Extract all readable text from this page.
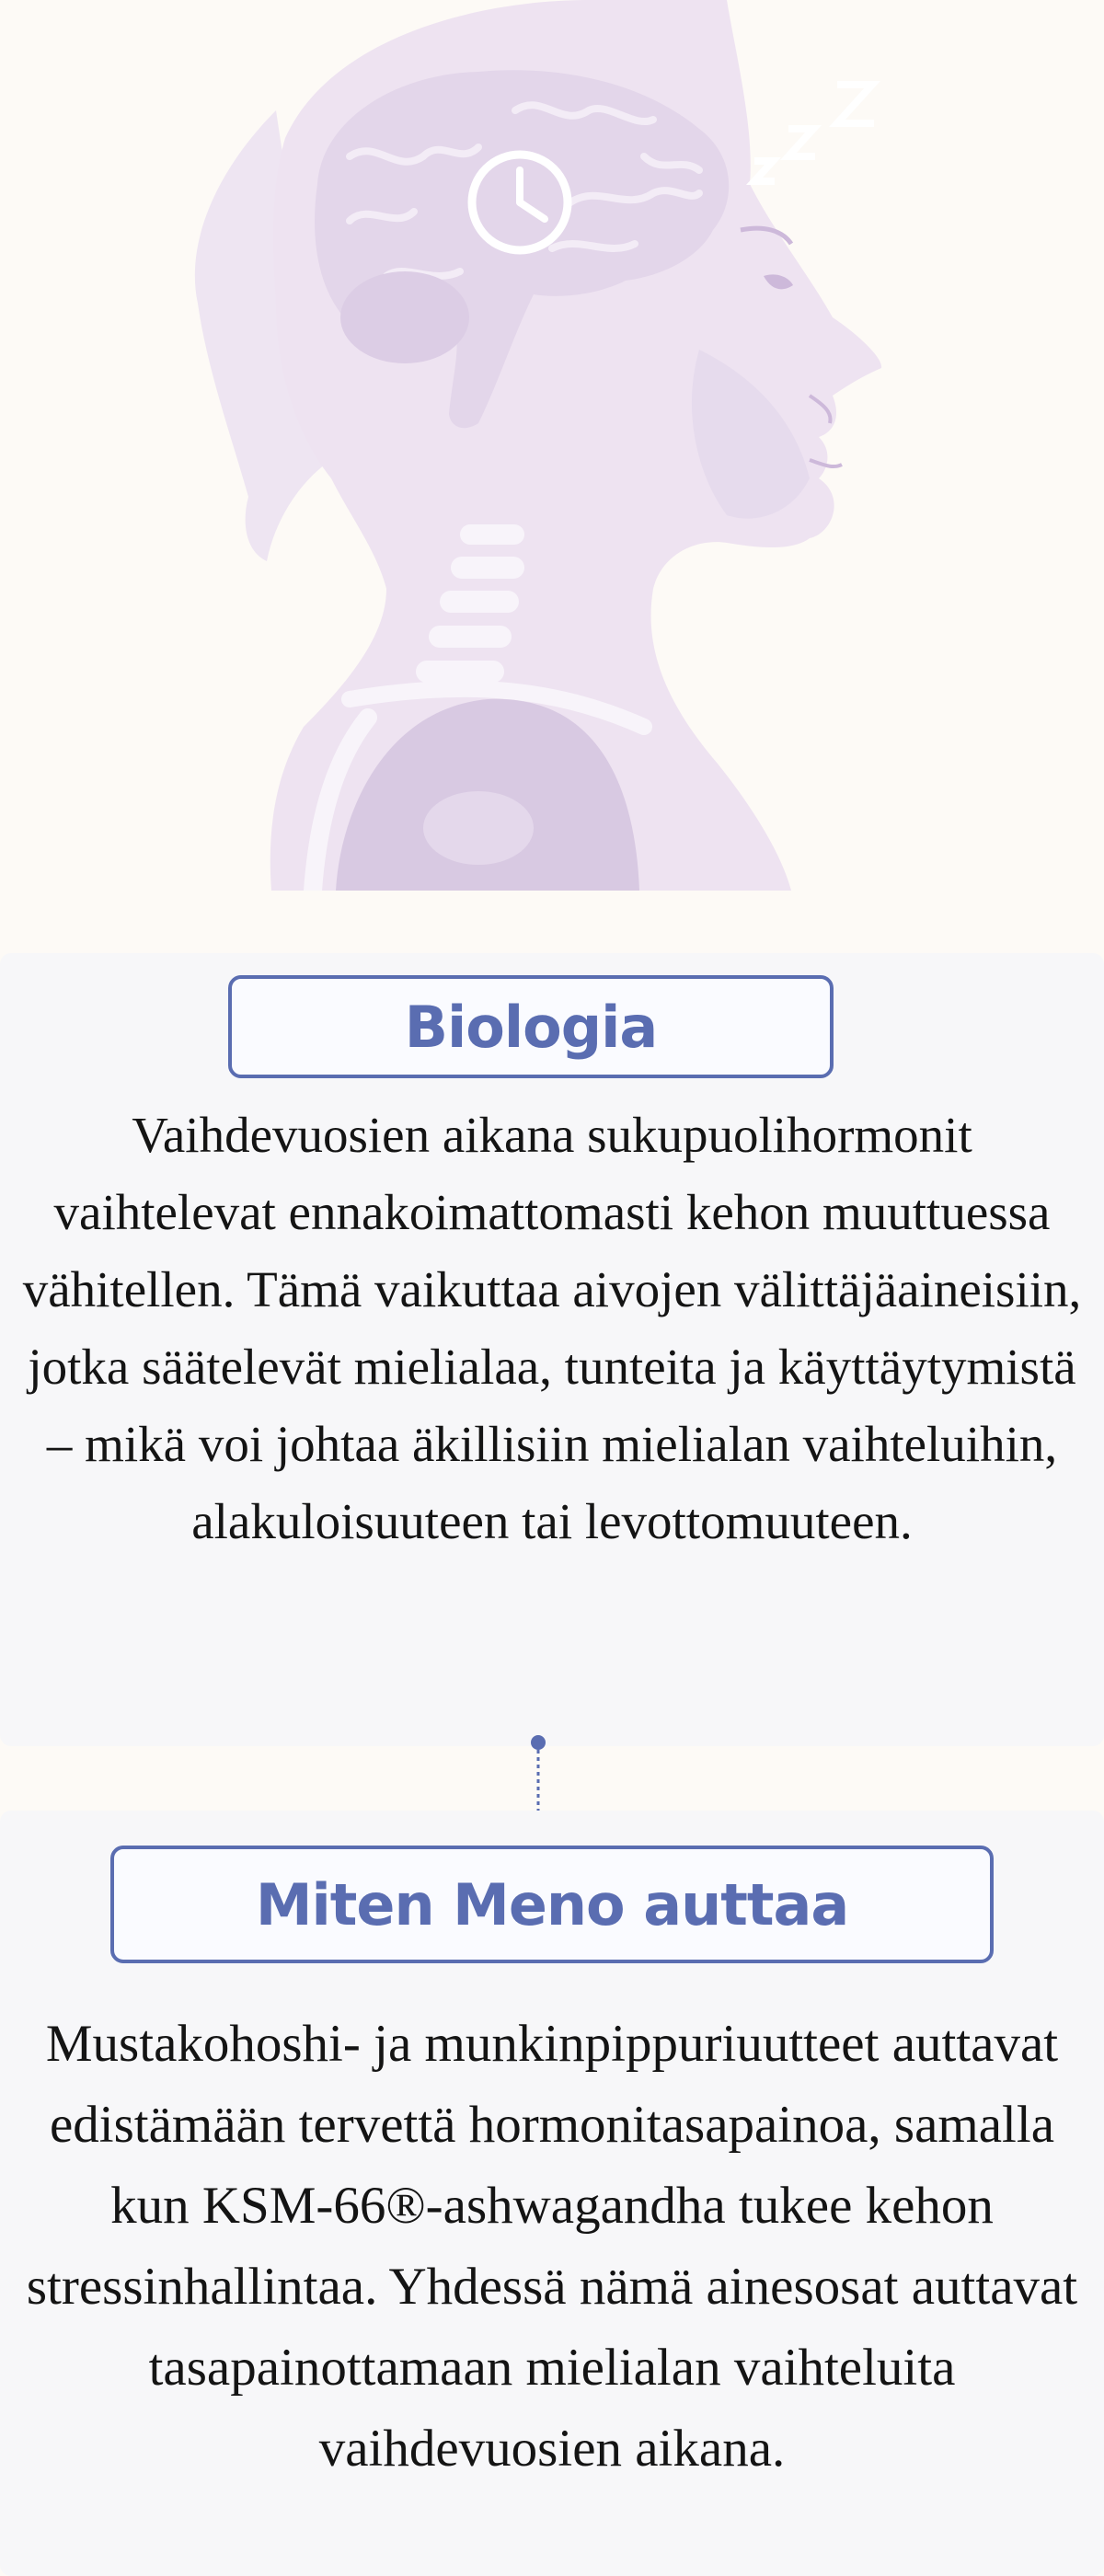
Biologia

Vaihdevuosien aikana sukupuolihormonit vaihtelevat ennakoimattomasti kehon muuttuessa vähitellen. Tämä vaikuttaa aivojen välittäjäaineisiin, jotka säätelevät mielialaa, tunteita ja käyttäytymistä – mikä voi johtaa äkillisiin mielialan vaihteluihin, alakuloisuuteen tai levottomuuteen.

Miten Meno auttaa

Mustakohoshi- ja munkinpippuriuutteet auttavat edistämään tervettä hormonitasapainoa, samalla kun KSM-66®-ashwagandha tukee kehon stressinhallintaa. Yhdessä nämä ainesosat auttavat tasapainottamaan mielialan vaihteluita vaihdevuosien aikana.
